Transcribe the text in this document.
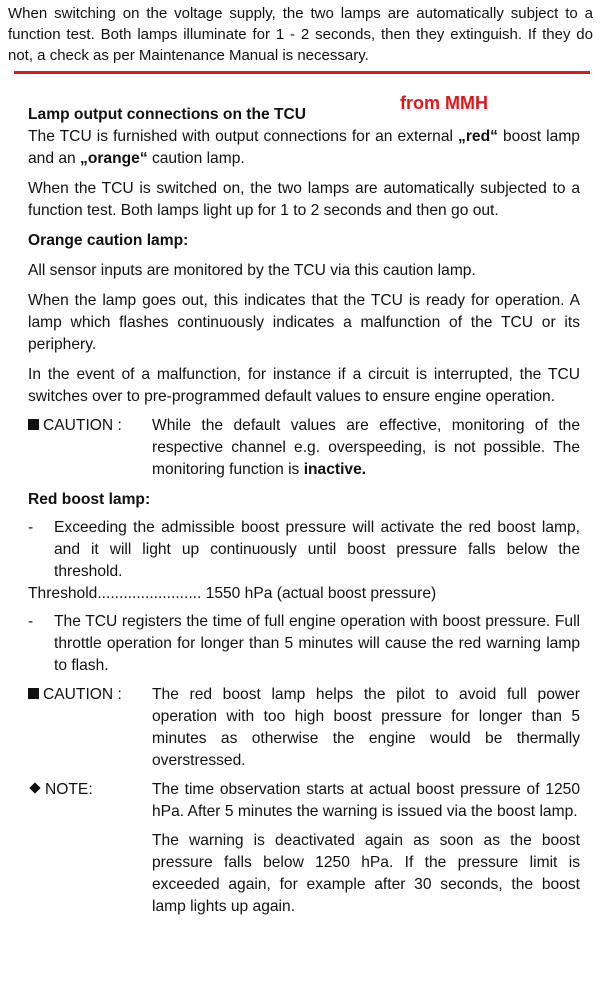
When switching on the voltage supply, the two lamps are automatically subject to a function test. Both lamps illuminate for 1 - 2 seconds, then they extinguish. If they do not, a check as per Maintenance Manual is necessary.

Lamp output connections on the TCU

from MMH

The TCU is furnished with output connections for an external „red“ boost lamp and an „orange“ caution lamp.

When the TCU is switched on, the two lamps are automatically subjected to a function test. Both lamps light up for 1 to 2 seconds and then go out.

Orange caution lamp:

All sensor inputs are monitored by the TCU via this caution lamp.

When the lamp goes out, this indicates that the TCU is ready for operation. A lamp which flashes continuously indicates a malfunction of the TCU or its periphery.

In the event of a malfunction, for instance if a circuit is interrupted, the TCU switches over to pre-programmed default values to ensure engine operation.

CAUTION :	While the default values are effective, monitoring of the respective channel e.g. overspeeding, is not possible. The monitoring function is inactive.

Red boost lamp:

-	Exceeding the admissible boost pressure will activate the red boost lamp, and it will light up continuously until boost pressure falls below the threshold.

Threshold........................ 1550 hPa (actual boost pressure)

-	The TCU registers the time of full engine operation with boost pressure. Full throttle operation for longer than 5 minutes will cause the red warning lamp to flash.
CAUTION :	The red boost lamp helps the pilot to avoid full power operation with too high boost pressure for longer than 5 minutes as otherwise the engine would be thermally overstressed.
NOTE:	The time observation starts at actual boost pressure of 1250 hPa. After 5 minutes the warning is issued via the boost lamp.
The warning is deactivated again as soon as the boost pressure falls below 1250 hPa. If the pressure limit is exceeded again, for example after 30 seconds, the boost lamp lights up again.
